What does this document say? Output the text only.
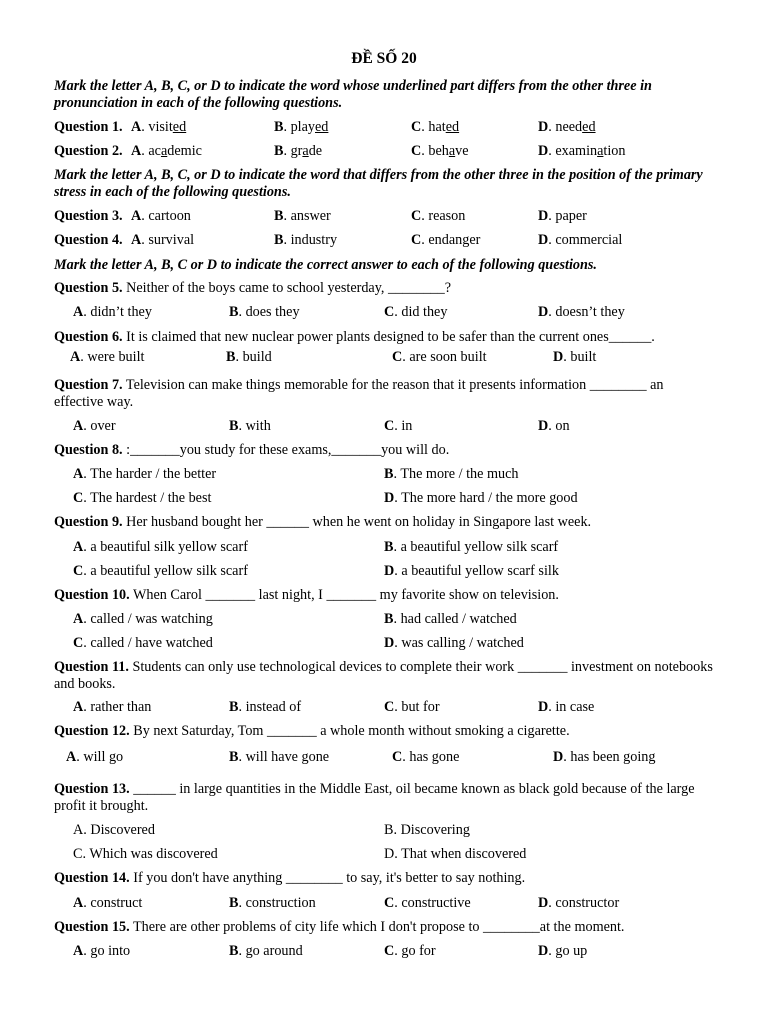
ĐỀ SỐ 20
Mark the letter A, B, C, or D to indicate the word whose underlined part differs from the other three in pronunciation in each of the following questions.
Mark the letter A, B, C, or D to indicate the word that differs from the other three in the position of the primary stress in each of the following questions.
Mark the letter A, B, C or D to indicate the correct answer to each of the following questions.
Question 1. A. visited	B. played	C. hated	D. needed
Question 2. A. academic	B. grade	C. behave	D. examination
Question 3. A. cartoon	B. answer	C. reason	D. paper
Question 4. A. survival	B. industry	C. endanger	D. commercial
Question 5. Neither of the boys came to school yesterday, ________?
A. didn’t they	B. does they	C. did they	D. doesn’t they
Question 6. It is claimed that new nuclear power plants designed to be safer than the current ones______.
A. were built	B. build	C. are soon built	D. built
Question 7. Television can make things memorable for the reason that it presents information ________ an effective way.
A. over	B. with	C. in	D. on
Question 8. :_______you study for these exams,_______you will do.
A. The harder / the better	B. The more / the much
C. The hardest / the best	D. The more hard / the more good
Question 9. Her husband bought her ______ when he went on holiday in Singapore last week.
A. a beautiful silk yellow scarf	B. a beautiful yellow silk scarf
C. a beautiful yellow silk scarf	D. a beautiful yellow scarf silk
Question 10. When Carol _______ last night, I _______ my favorite show on television.
A. called / was watching	B. had called / watched
C. called / have watched	D. was calling / watched
Question 11. Students can only use technological devices to complete their work _______ investment on notebooks and books.
A. rather than	B. instead of	C. but for	D. in case
Question 12. By next Saturday, Tom _______ a whole month without smoking a cigarette.
A. will go	B. will have gone	C. has gone	D. has been going
Question 13. ______ in large quantities in the Middle East, oil became known as black gold because of the large profit it brought.
A. Discovered	B. Discovering
C. Which was discovered	D. That when discovered
Question 14. If you don't have anything ________ to say, it's better to say nothing.
A. construct	B. construction	C. constructive	D. constructor
Question 15. There are other problems of city life which I don't propose to ________at the moment.
A. go into	B. go around	C. go for	D. go up
